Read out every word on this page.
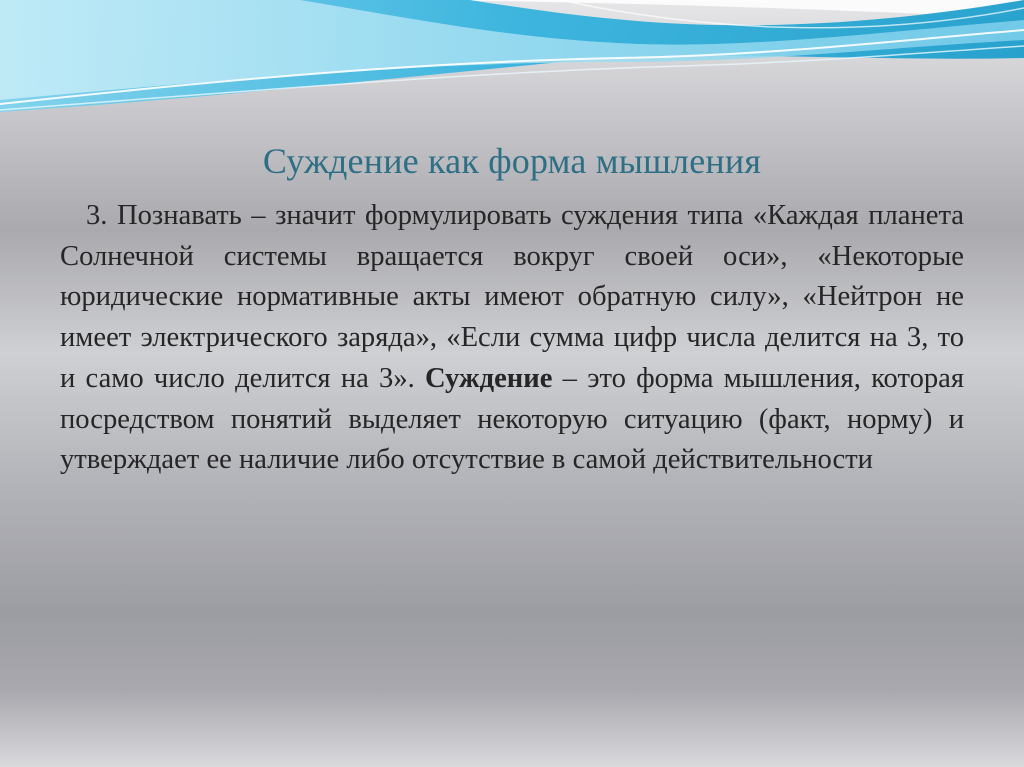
Суждение как форма мышления

3. Познавать – значит формулировать суждения типа «Каждая планета Солнечной системы вращается вокруг своей оси», «Некоторые юридические нормативные акты имеют обратную силу», «Нейтрон не имеет электрического заряда», «Если сумма цифр числа делится на 3, то и само число делится на 3». Суждение – это форма мышления, которая посредством понятий выделяет некоторую ситуацию (факт, норму) и утверждает ее наличие либо отсутствие в самой действительности
